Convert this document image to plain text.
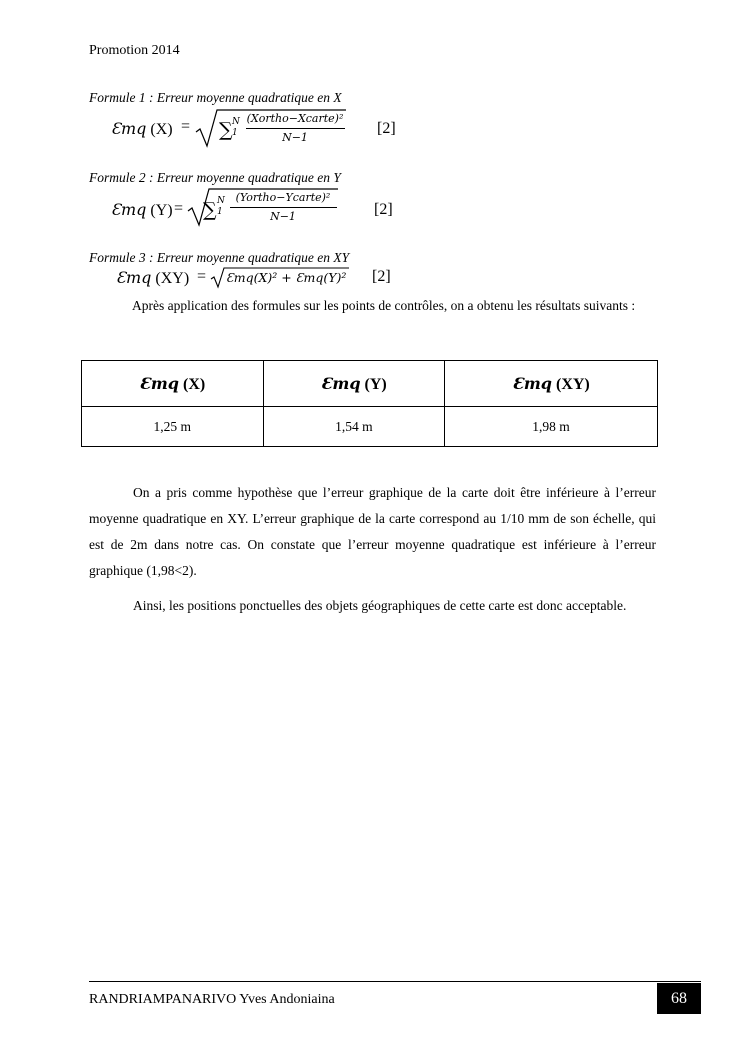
Promotion 2014
Formule 1 : Erreur moyenne quadratique en X
Ɛmq (X) = ∑ N
1
(Xortho−Xcarte)²
N−1
[2]
Formule 2 : Erreur moyenne quadratique en Y
Ɛmq (Y) = ∑ N
1
(Yortho−Ycarte)²
N−1	[2]
Formule 3 : Erreur moyenne quadratique en XY
Ɛmq (XY) = Ɛmq(X)² + Ɛmq(Y)² [2]
Après application des formules sur les points de contrôles, on a obtenu les résultats suivants :
Ɛmq (X)	Ɛmq (Y)	Ɛmq (XY)
1,25 m	1,54 m	1,98 m
On a pris comme hypothèse que l’erreur graphique de la carte doit être inférieure à l’erreur moyenne quadratique en XY. L’erreur graphique de la carte correspond au 1/10 mm de son échelle, qui est de 2m dans notre cas. On constate que l’erreur moyenne quadratique est inférieure à l’erreur graphique (1,98<2).
Ainsi, les positions ponctuelles des objets géographiques de cette carte est donc acceptable.
RANDRIAMPANARIVO Yves Andoniaina	68
